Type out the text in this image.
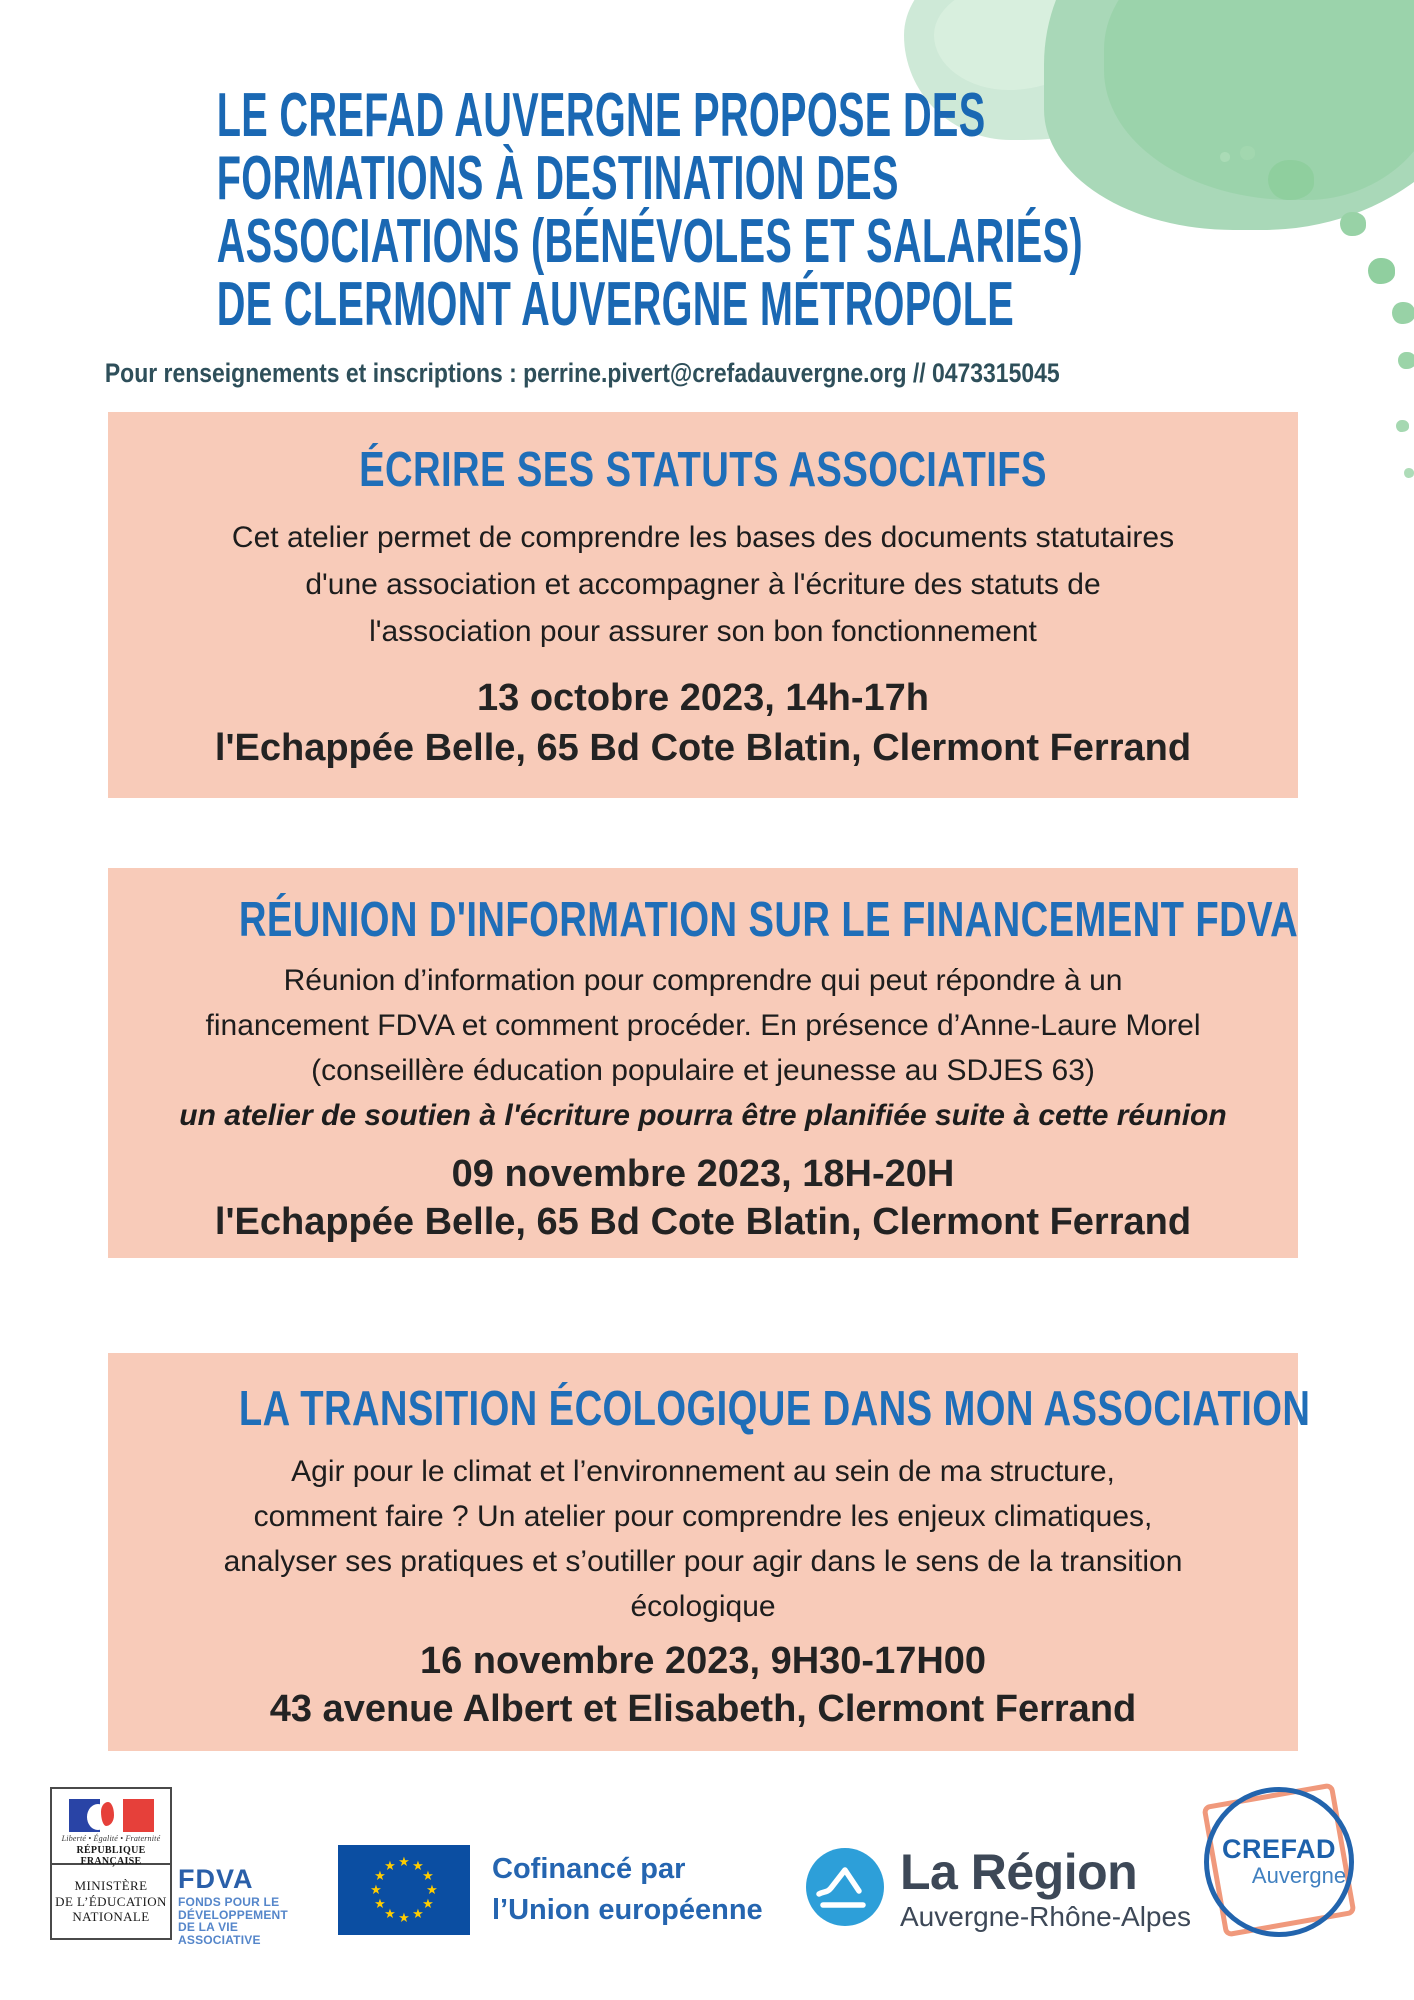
LE CREFAD AUVERGNE PROPOSE DES
FORMATIONS À DESTINATION DES
ASSOCIATIONS (BÉNÉVOLES ET SALARIÉS)
DE CLERMONT AUVERGNE MÉTROPOLE
Pour renseignements et inscriptions : perrine.pivert@crefadauvergne.org // 0473315045
ÉCRIRE SES STATUTS ASSOCIATIFS
Cet atelier permet de comprendre les bases des documents statutaires
d'une association et accompagner à l'écriture des statuts de
l'association pour assurer son bon fonctionnement
13 octobre 2023, 14h-17h
l'Echappée Belle, 65 Bd Cote Blatin, Clermont Ferrand
RÉUNION D'INFORMATION SUR LE FINANCEMENT FDVA
Réunion d’information pour comprendre qui peut répondre à un
financement FDVA et comment procéder. En présence d’Anne-Laure Morel
(conseillère éducation populaire et jeunesse au SDJES 63)
un atelier de soutien à l'écriture pourra être planifiée suite à cette réunion
09 novembre 2023, 18H-20H
l'Echappée Belle, 65 Bd Cote Blatin, Clermont Ferrand
LA TRANSITION ÉCOLOGIQUE DANS MON ASSOCIATION
Agir pour le climat et l’environnement au sein de ma structure,
comment faire ? Un atelier pour comprendre les enjeux climatiques,
analyser ses pratiques et s’outiller pour agir dans le sens de la transition
écologique
16 novembre 2023, 9H30-17H00
43 avenue Albert et Elisabeth, Clermont Ferrand
Liberté • Égalité • Fraternité
RÉPUBLIQUE FRANÇAISE
MINISTÈRE
DE L’ÉDUCATION
NATIONALE
FDVA
FONDS POUR LE
DÉVELOPPEMENT
DE LA VIE
ASSOCIATIVE
★
★
★
★
★
★
★
★
★
★
★
★
Cofinancé par
l’Union européenne
La Région
Auvergne-Rhône-Alpes
CREFAD
Auvergne
